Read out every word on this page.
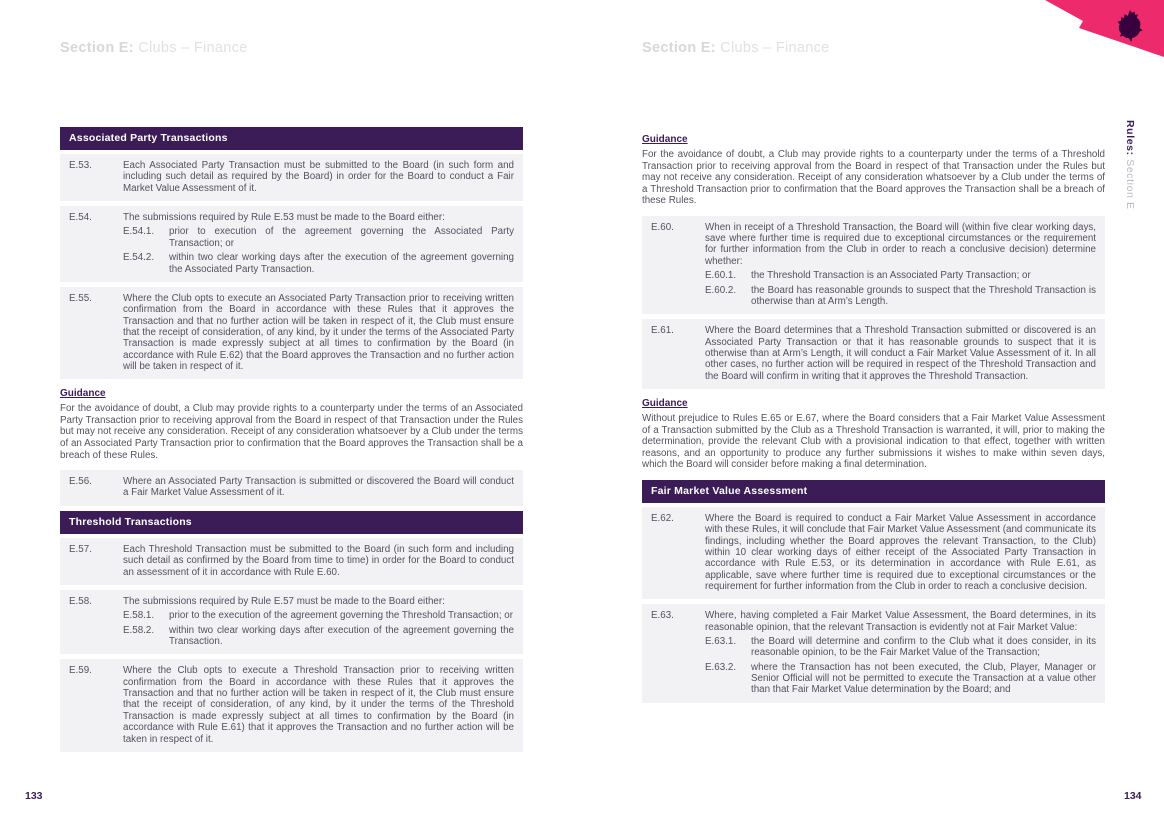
Rules: Section E
Section E: Clubs – Finance
Associated Party Transactions
E.53.	Each Associated Party Transaction must be submitted to the Board (in such form and including such detail as required by the Board) in order for the Board to conduct a Fair Market Value Assessment of it.
E.54.	The submissions required by Rule E.53 must be made to the Board either:
E.54.1.	prior to execution of the agreement governing the Associated Party Transaction; or
E.54.2.	within two clear working days after the execution of the agreement governing the Associated Party Transaction.
E.55.	Where the Club opts to execute an Associated Party Transaction prior to receiving written confirmation from the Board in accordance with these Rules that it approves the Transaction and that no further action will be taken in respect of it, the Club must ensure that the receipt of consideration, of any kind, by it under the terms of the Associated Party Transaction is made expressly subject at all times to confirmation by the Board (in accordance with Rule E.62) that the Board approves the Transaction and no further action will be taken in respect of it.
Guidance
For the avoidance of doubt, a Club may provide rights to a counterparty under the terms of an Associated Party Transaction prior to receiving approval from the Board in respect of that Transaction under the Rules but may not receive any consideration. Receipt of any consideration whatsoever by a Club under the terms of an Associated Party Transaction prior to confirmation that the Board approves the Transaction shall be a breach of these Rules.
E.56.	Where an Associated Party Transaction is submitted or discovered the Board will conduct a Fair Market Value Assessment of it.
Threshold Transactions
E.57.	Each Threshold Transaction must be submitted to the Board (in such form and including such detail as confirmed by the Board from time to time) in order for the Board to conduct an assessment of it in accordance with Rule E.60.
E.58.	The submissions required by Rule E.57 must be made to the Board either:
E.58.1.	prior to the execution of the agreement governing the Threshold Transaction; or
E.58.2.	within two clear working days after execution of the agreement governing the Transaction.
E.59.	Where the Club opts to execute a Threshold Transaction prior to receiving written confirmation from the Board in accordance with these Rules that it approves the Transaction and that no further action will be taken in respect of it, the Club must ensure that the receipt of consideration, of any kind, by it under the terms of the Threshold Transaction is made expressly subject at all times to confirmation by the Board (in accordance with Rule E.61) that it approves the Transaction and no further action will be taken in respect of it.
Section E: Clubs – Finance
Guidance
For the avoidance of doubt, a Club may provide rights to a counterparty under the terms of a Threshold Transaction prior to receiving approval from the Board in respect of that Transaction under the Rules but may not receive any consideration. Receipt of any consideration whatsoever by a Club under the terms of a Threshold Transaction prior to confirmation that the Board approves the Transaction shall be a breach of these Rules.
E.60.	When in receipt of a Threshold Transaction, the Board will (within five clear working days, save where further time is required due to exceptional circumstances or the requirement for further information from the Club in order to reach a conclusive decision) determine whether:
E.60.1.	the Threshold Transaction is an Associated Party Transaction; or
E.60.2.	the Board has reasonable grounds to suspect that the Threshold Transaction is otherwise than at Arm’s Length.
E.61.	Where the Board determines that a Threshold Transaction submitted or discovered is an Associated Party Transaction or that it has reasonable grounds to suspect that it is otherwise than at Arm’s Length, it will conduct a Fair Market Value Assessment of it. In all other cases, no further action will be required in respect of the Threshold Transaction and the Board will confirm in writing that it approves the Threshold Transaction.
Guidance
Without prejudice to Rules E.65 or E.67, where the Board considers that a Fair Market Value Assessment of a Transaction submitted by the Club as a Threshold Transaction is warranted, it will, prior to making the determination, provide the relevant Club with a provisional indication to that effect, together with written reasons, and an opportunity to produce any further submissions it wishes to make within seven days, which the Board will consider before making a final determination.
Fair Market Value Assessment
E.62.	Where the Board is required to conduct a Fair Market Value Assessment in accordance with these Rules, it will conclude that Fair Market Value Assessment (and communicate its findings, including whether the Board approves the relevant Transaction, to the Club) within 10 clear working days of either receipt of the Associated Party Transaction in accordance with Rule E.53, or its determination in accordance with Rule E.61, as applicable, save where further time is required due to exceptional circumstances or the requirement for further information from the Club in order to reach a conclusive decision.
E.63.	Where, having completed a Fair Market Value Assessment, the Board determines, in its reasonable opinion, that the relevant Transaction is evidently not at Fair Market Value:
E.63.1.	the Board will determine and confirm to the Club what it does consider, in its reasonable opinion, to be the Fair Market Value of the Transaction;
E.63.2.	where the Transaction has not been executed, the Club, Player, Manager or Senior Official will not be permitted to execute the Transaction at a value other than that Fair Market Value determination by the Board; and
133	134
